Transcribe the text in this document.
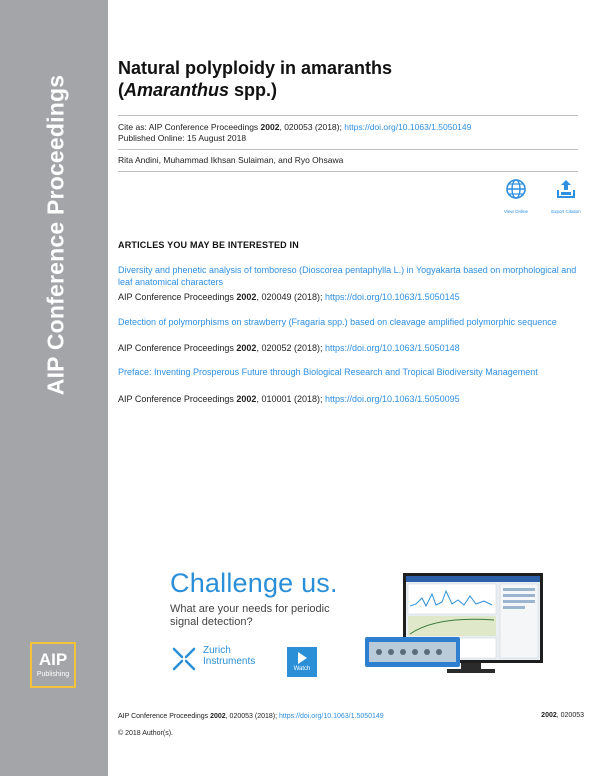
AIP Conference Proceedings
AIP
Publishing
Natural polyploidy in amaranths
(Amaranthus spp.)
Cite as: AIP Conference Proceedings 2002, 020053 (2018); https://doi.org/10.1063/1.5050149
Published Online: 15 August 2018
Rita Andini, Muhammad Ikhsan Sulaiman, and Ryo Ohsawa
View Online	Export Citation
ARTICLES YOU MAY BE INTERESTED IN
Diversity and phenetic analysis of tomboreso (Dioscorea pentaphylla L.) in Yogyakarta based on morphological and leaf anatomical characters
AIP Conference Proceedings 2002, 020049 (2018); https://doi.org/10.1063/1.5050145
Detection of polymorphisms on strawberry (Fragaria spp.) based on cleavage amplified polymorphic sequence
AIP Conference Proceedings 2002, 020052 (2018); https://doi.org/10.1063/1.5050148
Preface: Inventing Prosperous Future through Biological Research and Tropical Biodiversity Management
AIP Conference Proceedings 2002, 010001 (2018); https://doi.org/10.1063/1.5050095
Challenge us.
What are your needs for periodic signal detection?
Zurich
Instruments
Watch
AIP Conference Proceedings 2002, 020053 (2018); https://doi.org/10.1063/1.5050149	2002, 020053
© 2018 Author(s).
